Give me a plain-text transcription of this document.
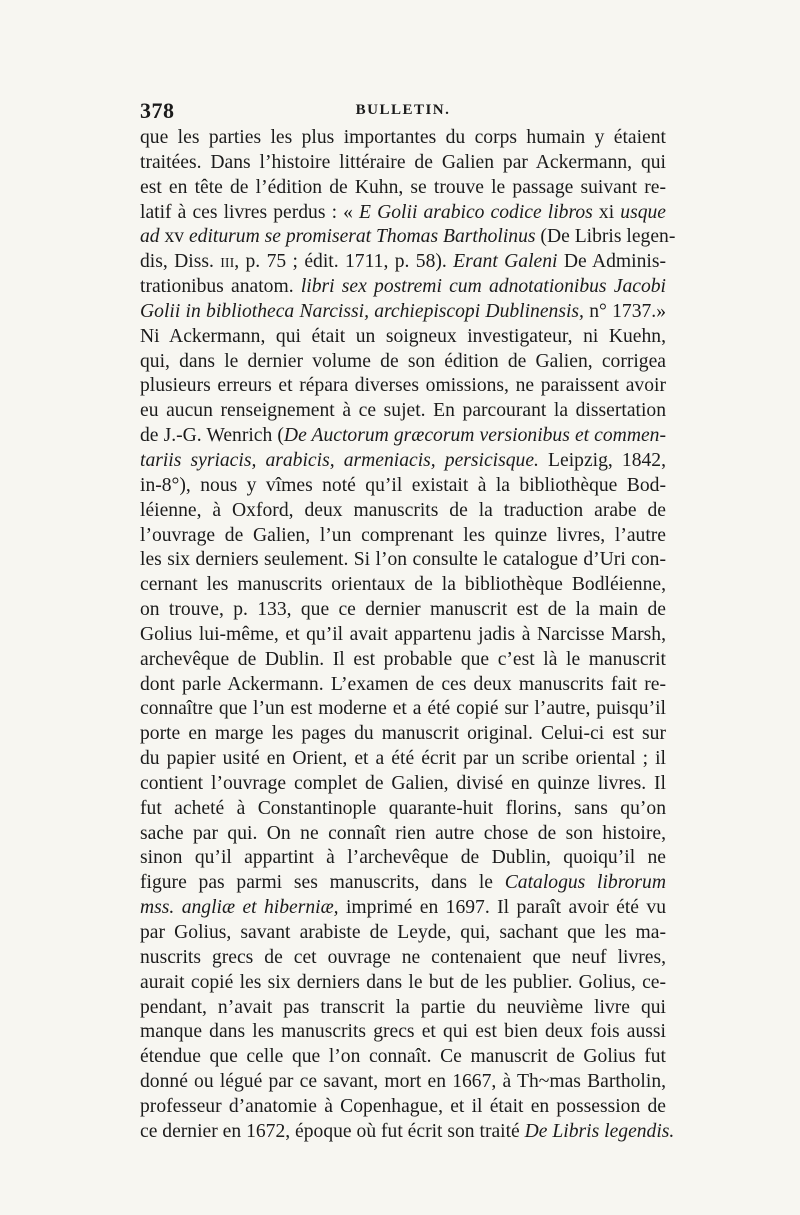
378	BULLETIN.
que les parties les plus importantes du corps humain y étaient
traitées. Dans l’histoire littéraire de Galien par Ackermann, qui
est en tête de l’édition de Kuhn, se trouve le passage suivant re-
latif à ces livres perdus : « E Golii arabico codice libros xi usque
ad xv editurum se promiserat Thomas Bartholinus (De Libris legen-
dis, Diss. iii, p. 75 ; édit. 1711, p. 58). Erant Galeni De Adminis-
trationibus anatom. libri sex postremi cum adnotationibus Jacobi
Golii in bibliotheca Narcissi, archiepiscopi Dublinensis, n° 1737.»
Ni Ackermann, qui était un soigneux investigateur, ni Kuehn,
qui, dans le dernier volume de son édition de Galien, corrigea
plusieurs erreurs et répara diverses omissions, ne paraissent avoir
eu aucun renseignement à ce sujet. En parcourant la dissertation
de J.-G. Wenrich (De Auctorum græcorum versionibus et commen-
tariis syriacis, arabicis, armeniacis, persicisque. Leipzig, 1842,
in-8°), nous y vîmes noté qu’il existait à la bibliothèque Bod-
léienne, à Oxford, deux manuscrits de la traduction arabe de
l’ouvrage de Galien, l’un comprenant les quinze livres, l’autre
les six derniers seulement. Si l’on consulte le catalogue d’Uri con-
cernant les manuscrits orientaux de la bibliothèque Bodléienne,
on trouve, p. 133, que ce dernier manuscrit est de la main de
Golius lui-même, et qu’il avait appartenu jadis à Narcisse Marsh,
archevêque de Dublin. Il est probable que c’est là le manuscrit
dont parle Ackermann. L’examen de ces deux manuscrits fait re-
connaître que l’un est moderne et a été copié sur l’autre, puisqu’il
porte en marge les pages du manuscrit original. Celui-ci est sur
du papier usité en Orient, et a été écrit par un scribe oriental ; il
contient l’ouvrage complet de Galien, divisé en quinze livres. Il
fut acheté à Constantinople quarante-huit florins, sans qu’on
sache par qui. On ne connaît rien autre chose de son histoire,
sinon qu’il appartint à l’archevêque de Dublin, quoiqu’il ne
figure pas parmi ses manuscrits, dans le Catalogus librorum
mss. angliæ et hiberniæ, imprimé en 1697. Il paraît avoir été vu
par Golius, savant arabiste de Leyde, qui, sachant que les ma-
nuscrits grecs de cet ouvrage ne contenaient que neuf livres,
aurait copié les six derniers dans le but de les publier. Golius, ce-
pendant, n’avait pas transcrit la partie du neuvième livre qui
manque dans les manuscrits grecs et qui est bien deux fois aussi
étendue que celle que l’on connaît. Ce manuscrit de Golius fut
donné ou légué par ce savant, mort en 1667, à Th~mas Bartholin,
professeur d’anatomie à Copenhague, et il était en possession de
ce dernier en 1672, époque où fut écrit son traité De Libris legendis.
